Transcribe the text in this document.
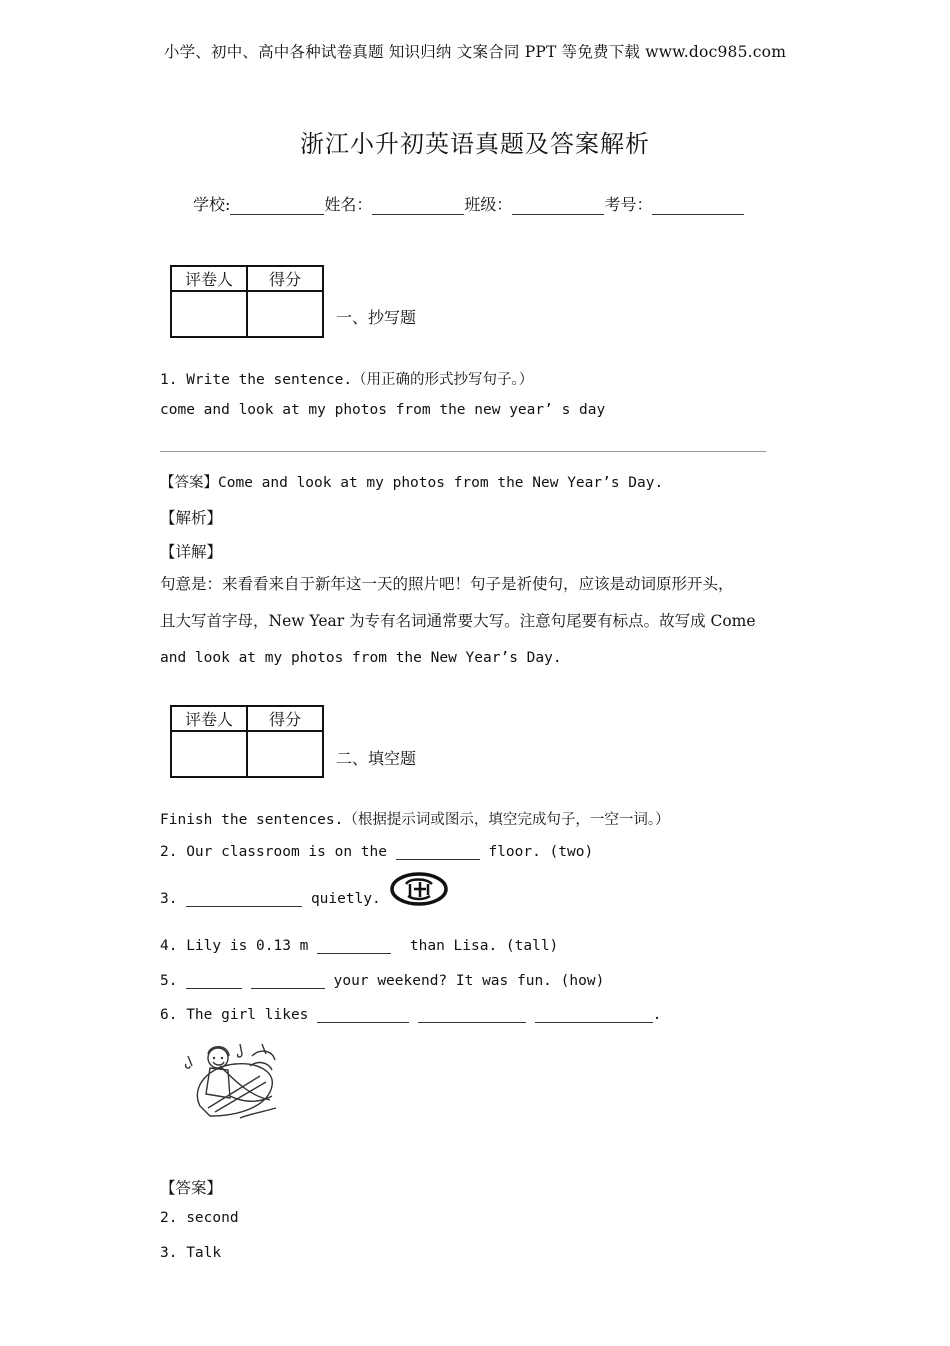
小学、初中、高中各种试卷真题 知识归纳 文案合同 PPT 等免费下载 www.doc985.com
浙江小升初英语真题及答案解析
学校:	姓名：	班级：	考号：
评卷人	得分

一、抄写题
1. Write the sentence.（用正确的形式抄写句子。）
come and look at my photos from the new year’ s day
【答案】Come and look at my photos from the New Year’s Day.
【解析】
【详解】
句意是：来看看来自于新年这一天的照片吧！句子是祈使句，应该是动词原形开头，
且大写首字母，New Year 为专有名词通常要大写。注意句尾要有标点。故写成 Come
and look at my photos from the New Year’s Day.
评卷人	得分

二、填空题
Finish the sentences.（根据提示词或图示，填空完成句子，一空一词。）
2. Our classroom is on the	floor. (two)
3.	quietly.
4. Lily is 0.13 m	than Lisa. (tall)
5.	your weekend? It was fun. (how)
6. The girl likes	.
【答案】
2. second
3. Talk
